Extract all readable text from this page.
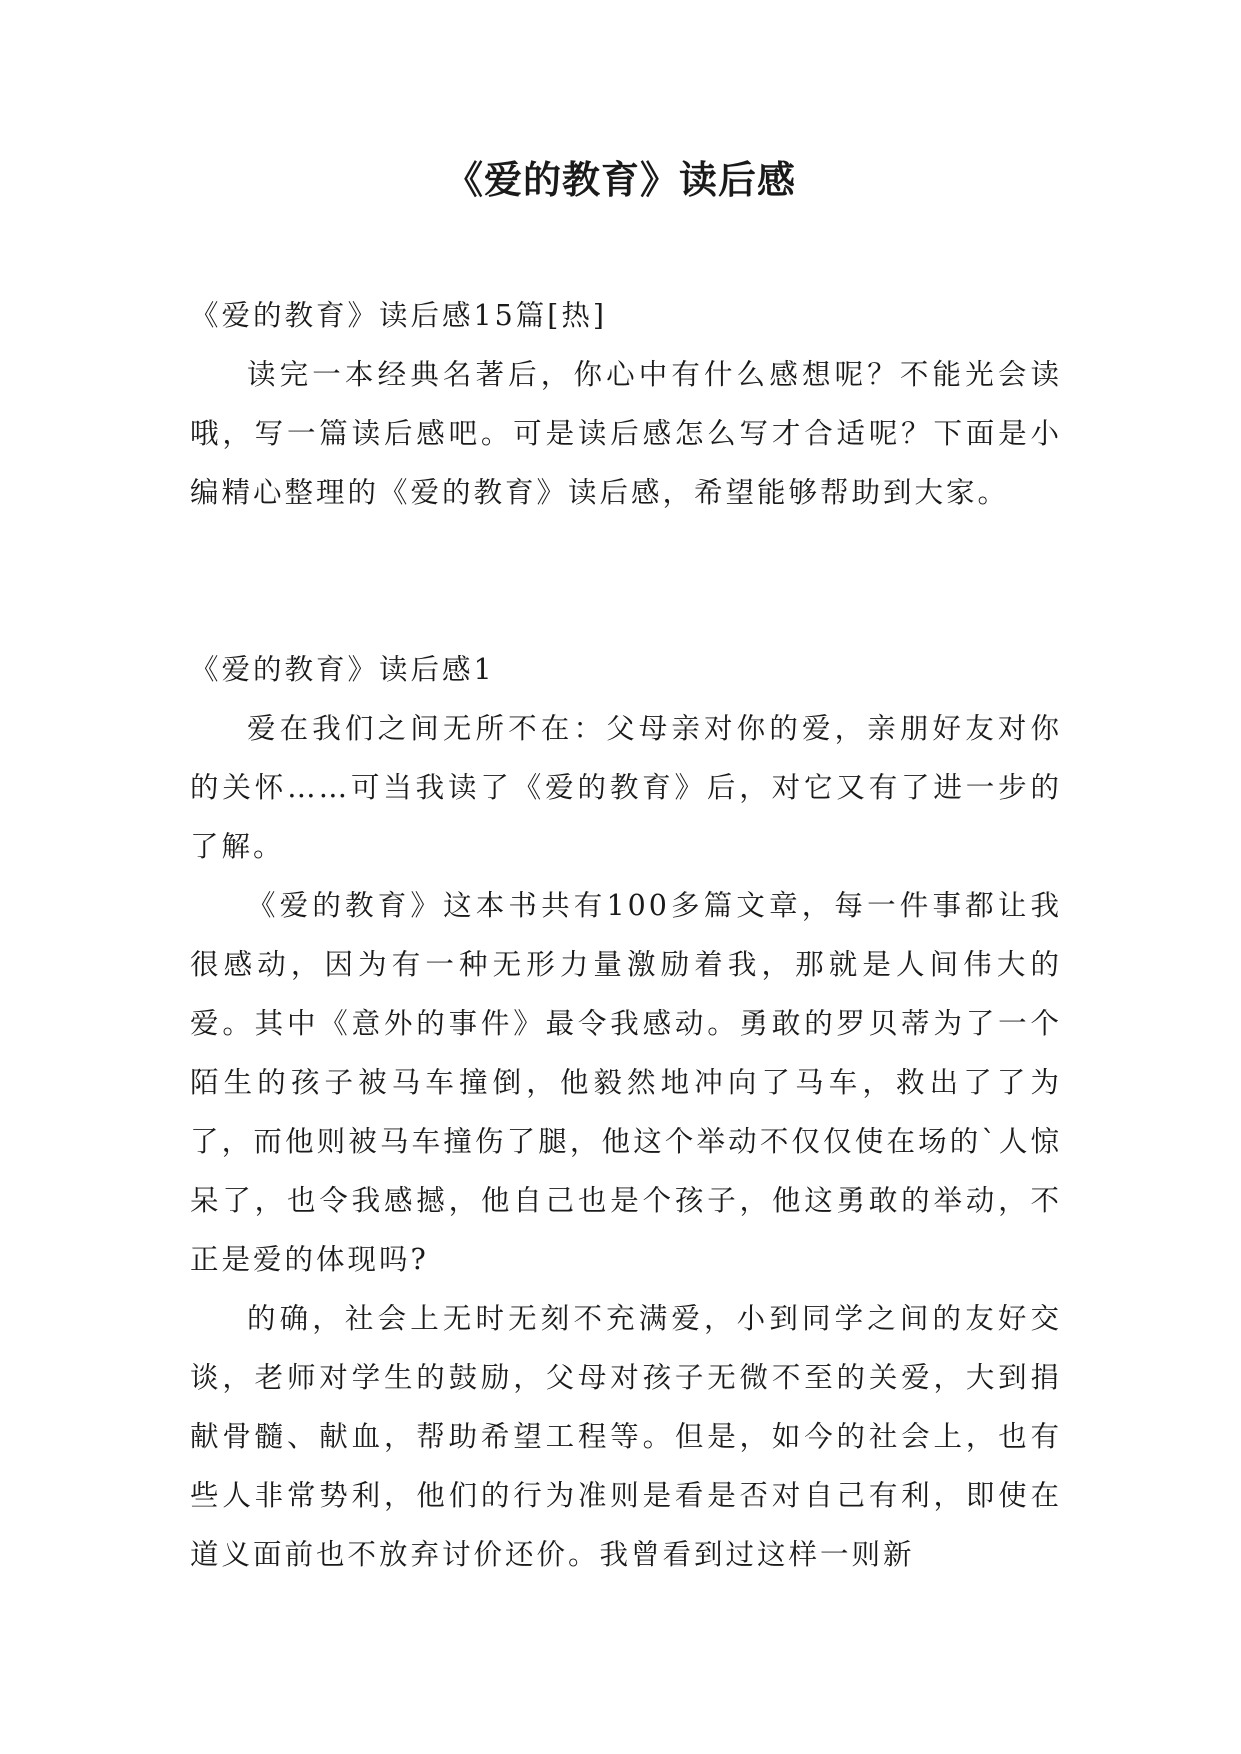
《爱的教育》读后感

《爱的教育》读后感15篇[热]

读完一本经典名著后，你心中有什么感想呢？不能光会读哦，写一篇读后感吧。可是读后感怎么写才合适呢？下面是小编精心整理的《爱的教育》读后感，希望能够帮助到大家。

《爱的教育》读后感1

爱在我们之间无所不在：父母亲对你的爱，亲朋好友对你的关怀……可当我读了《爱的教育》后，对它又有了进一步的了解。

《爱的教育》这本书共有100多篇文章，每一件事都让我很感动，因为有一种无形力量激励着我，那就是人间伟大的爱。其中《意外的事件》最令我感动。勇敢的罗贝蒂为了一个陌生的孩子被马车撞倒，他毅然地冲向了马车，救出了了为了，而他则被马车撞伤了腿，他这个举动不仅仅使在场的`人惊呆了，也令我感撼，他自己也是个孩子，他这勇敢的举动，不正是爱的体现吗?

的确，社会上无时无刻不充满爱，小到同学之间的友好交谈，老师对学生的鼓励，父母对孩子无微不至的关爱，大到捐献骨髓、献血，帮助希望工程等。但是，如今的社会上，也有些人非常势利，他们的行为准则是看是否对自己有利，即使在道义面前也不放弃讨价还价。我曾看到过这样一则新
